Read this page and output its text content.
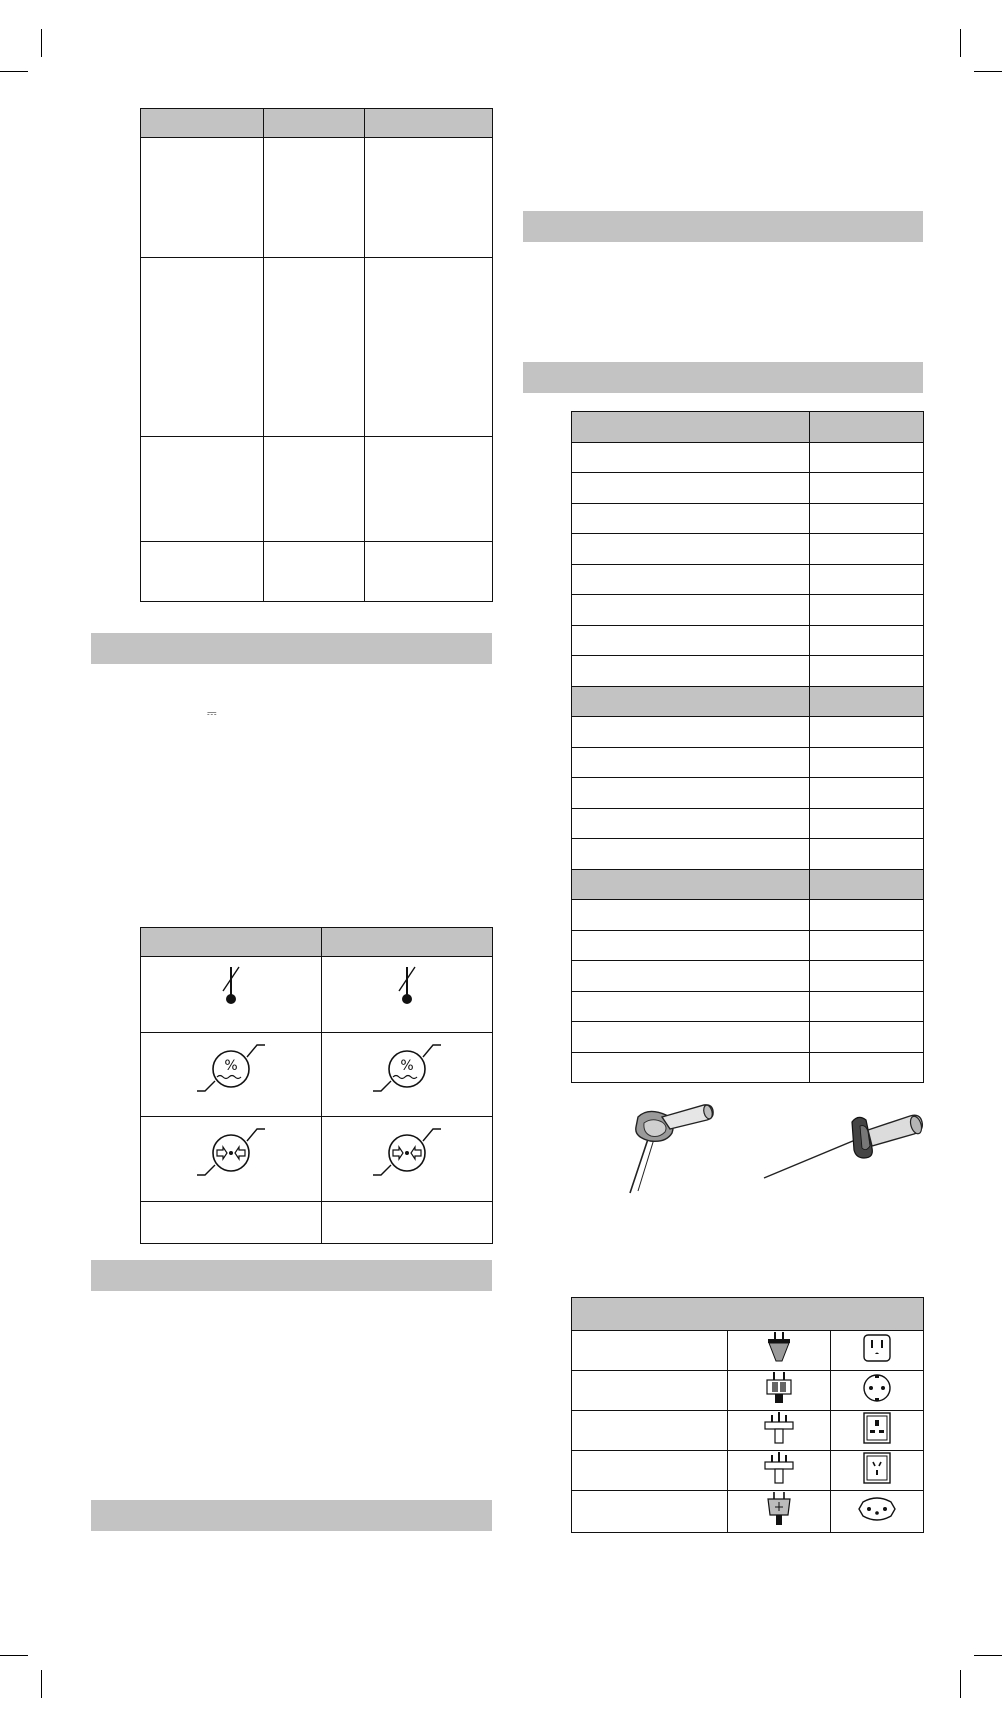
⎓

%	%
